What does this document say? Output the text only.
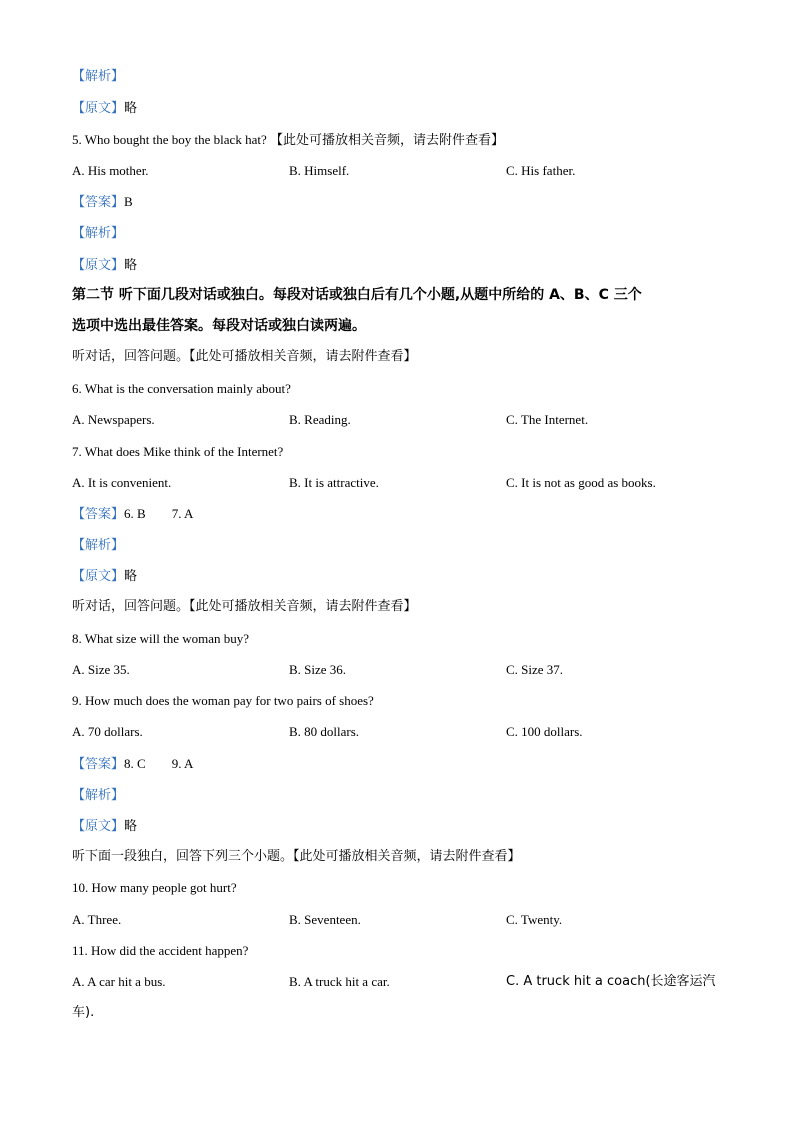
【解析】
【原文】略
5. Who bought the boy the black hat? 【此处可播放相关音频，请去附件查看】
A. His mother.	B. Himself.	C. His father.
【答案】B
【解析】
【原文】略
第二节 听下面几段对话或独白。每段对话或独白后有几个小题,从题中所给的 A、B、C 三个
选项中选出最佳答案。每段对话或独白读两遍。
听对话，回答问题。【此处可播放相关音频，请去附件查看】
6. What is the conversation mainly about?
A. Newspapers.	B. Reading.	C. The Internet.
7. What does Mike think of the Internet?
A. It is convenient.	B. It is attractive.	C. It is not as good as books.
【答案】6. B 7. A
【解析】
【原文】略
听对话，回答问题。【此处可播放相关音频，请去附件查看】
8. What size will the woman buy?
A. Size 35.	B. Size 36.	C. Size 37.
9. How much does the woman pay for two pairs of shoes?
A. 70 dollars.	B. 80 dollars.	C. 100 dollars.
【答案】8. C 9. A
【解析】
【原文】略
听下面一段独白，回答下列三个小题。【此处可播放相关音频，请去附件查看】
10. How many people got hurt?
A. Three.	B. Seventeen.	C. Twenty.
11. How did the accident happen?
A. A car hit a bus.	B. A truck hit a car.	C. A truck hit a coach(长途客运汽
车).
